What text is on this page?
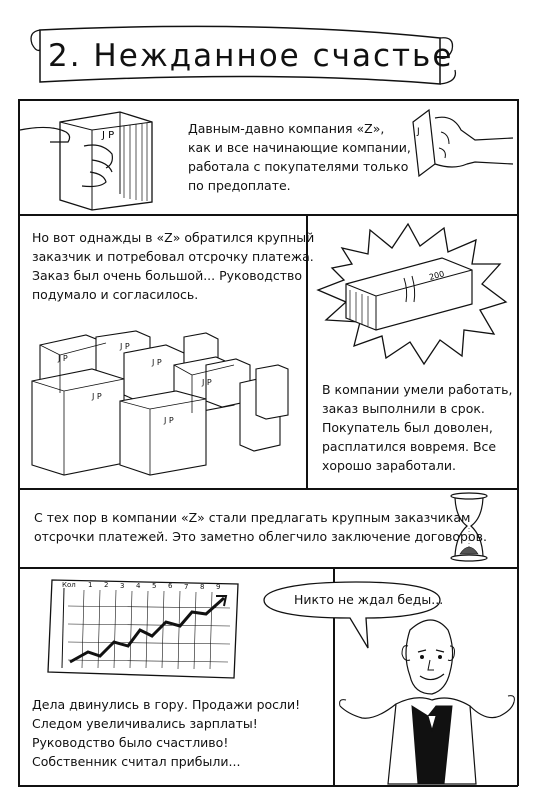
2. Нежданное счастье
J P	J
Давным-давно компания «Z»,
как и все начинающие компании,
работала с покупателями только
по предоплате.
Но вот однажды в «Z» обратился крупный
заказчик и потребовал отсрочку платежа.
Заказ был очень большой... Руководство
подумало и согласилось.
J P
J P
J P
J P
J P
J P
200
В компании умели работать,
заказ выполнили в срок.
Покупатель был доволен,
расплатился вовремя. Все
хорошо заработали.
С тех пор в компании «Z» стали предлагать крупным заказчикам
отсрочки платежей. Это заметно облегчило заключение договоров.
Кол 1 2 3 4 5 6 7 8 9
Дела двинулись в гору. Продажи росли!
Следом увеличивались зарплаты!
Руководство было счастливо!
Собственник считал прибыли...
Никто не ждал беды...
